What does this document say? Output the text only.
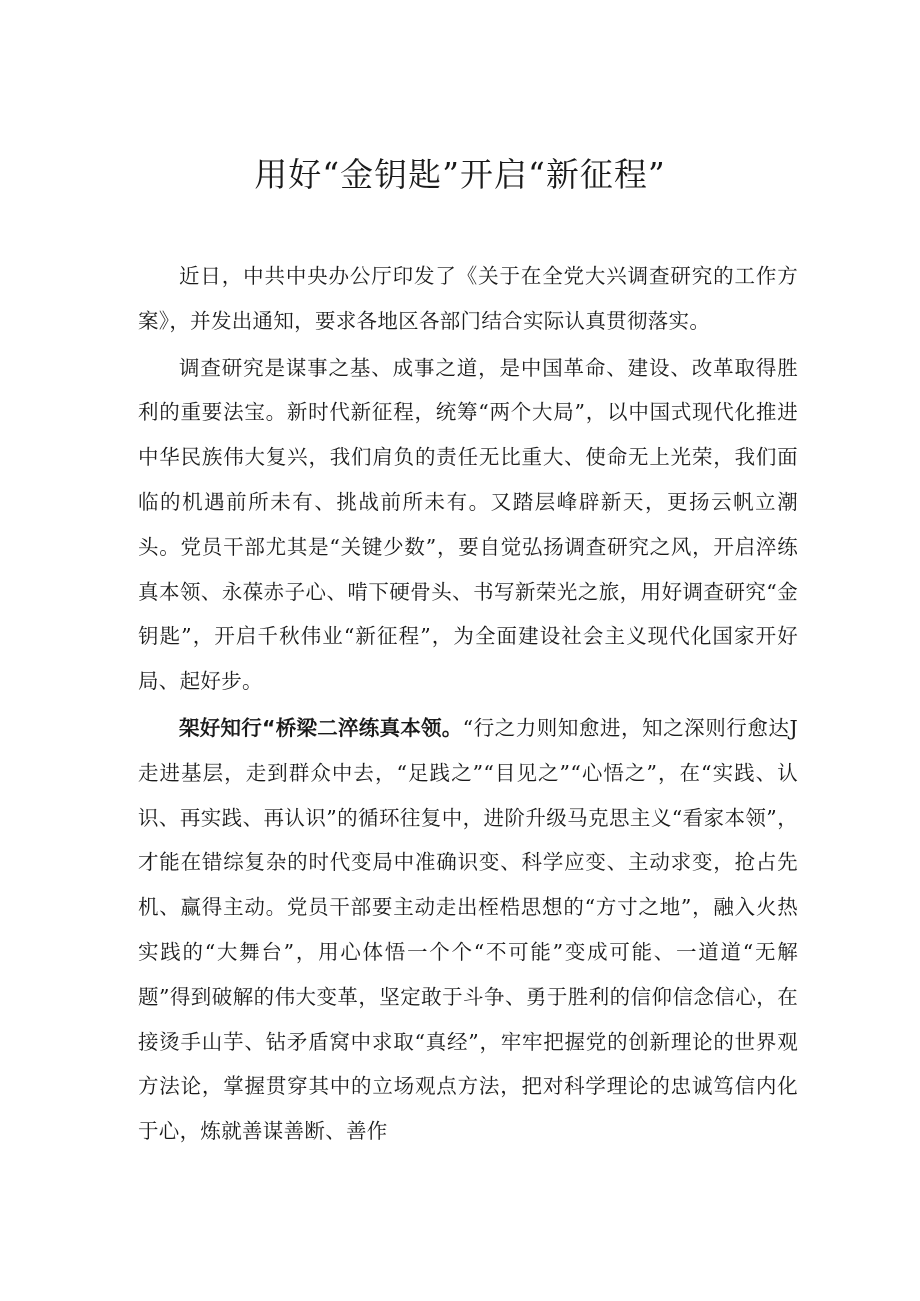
用好“金钥匙”开启“新征程”

近日，中共中央办公厅印发了《关于在全党大兴调查研究的工作方案》，并发出通知，要求各地区各部门结合实际认真贯彻落实。

调查研究是谋事之基、成事之道，是中国革命、建设、改革取得胜利的重要法宝。新时代新征程，统筹“两个大局”，以中国式现代化推进中华民族伟大复兴，我们肩负的责任无比重大、使命无上光荣，我们面临的机遇前所未有、挑战前所未有。又踏层峰辟新天，更扬云帆立潮头。党员干部尤其是“关键少数”，要自觉弘扬调查研究之风，开启淬练真本领、永葆赤子心、啃下硬骨头、书写新荣光之旅，用好调查研究“金钥匙”，开启千秋伟业“新征程”，为全面建设社会主义现代化国家开好局、起好步。

架好知行“桥梁二淬练真本领。“行之力则知愈进，知之深则行愈达J走进基层，走到群众中去，“足践之”“目见之”“心悟之”，在“实践、认识、再实践、再认识”的循环往复中，进阶升级马克思主义“看家本领”，才能在错综复杂的时代变局中准确识变、科学应变、主动求变，抢占先机、赢得主动。党员干部要主动走出桎梏思想的“方寸之地”，融入火热实践的“大舞台”，用心体悟一个个“不可能”变成可能、一道道“无解题”得到破解的伟大变革，坚定敢于斗争、勇于胜利的信仰信念信心，在接烫手山芋、钻矛盾窝中求取“真经”，牢牢把握党的创新理论的世界观方法论，掌握贯穿其中的立场观点方法，把对科学理论的忠诚笃信内化于心，炼就善谋善断、善作
